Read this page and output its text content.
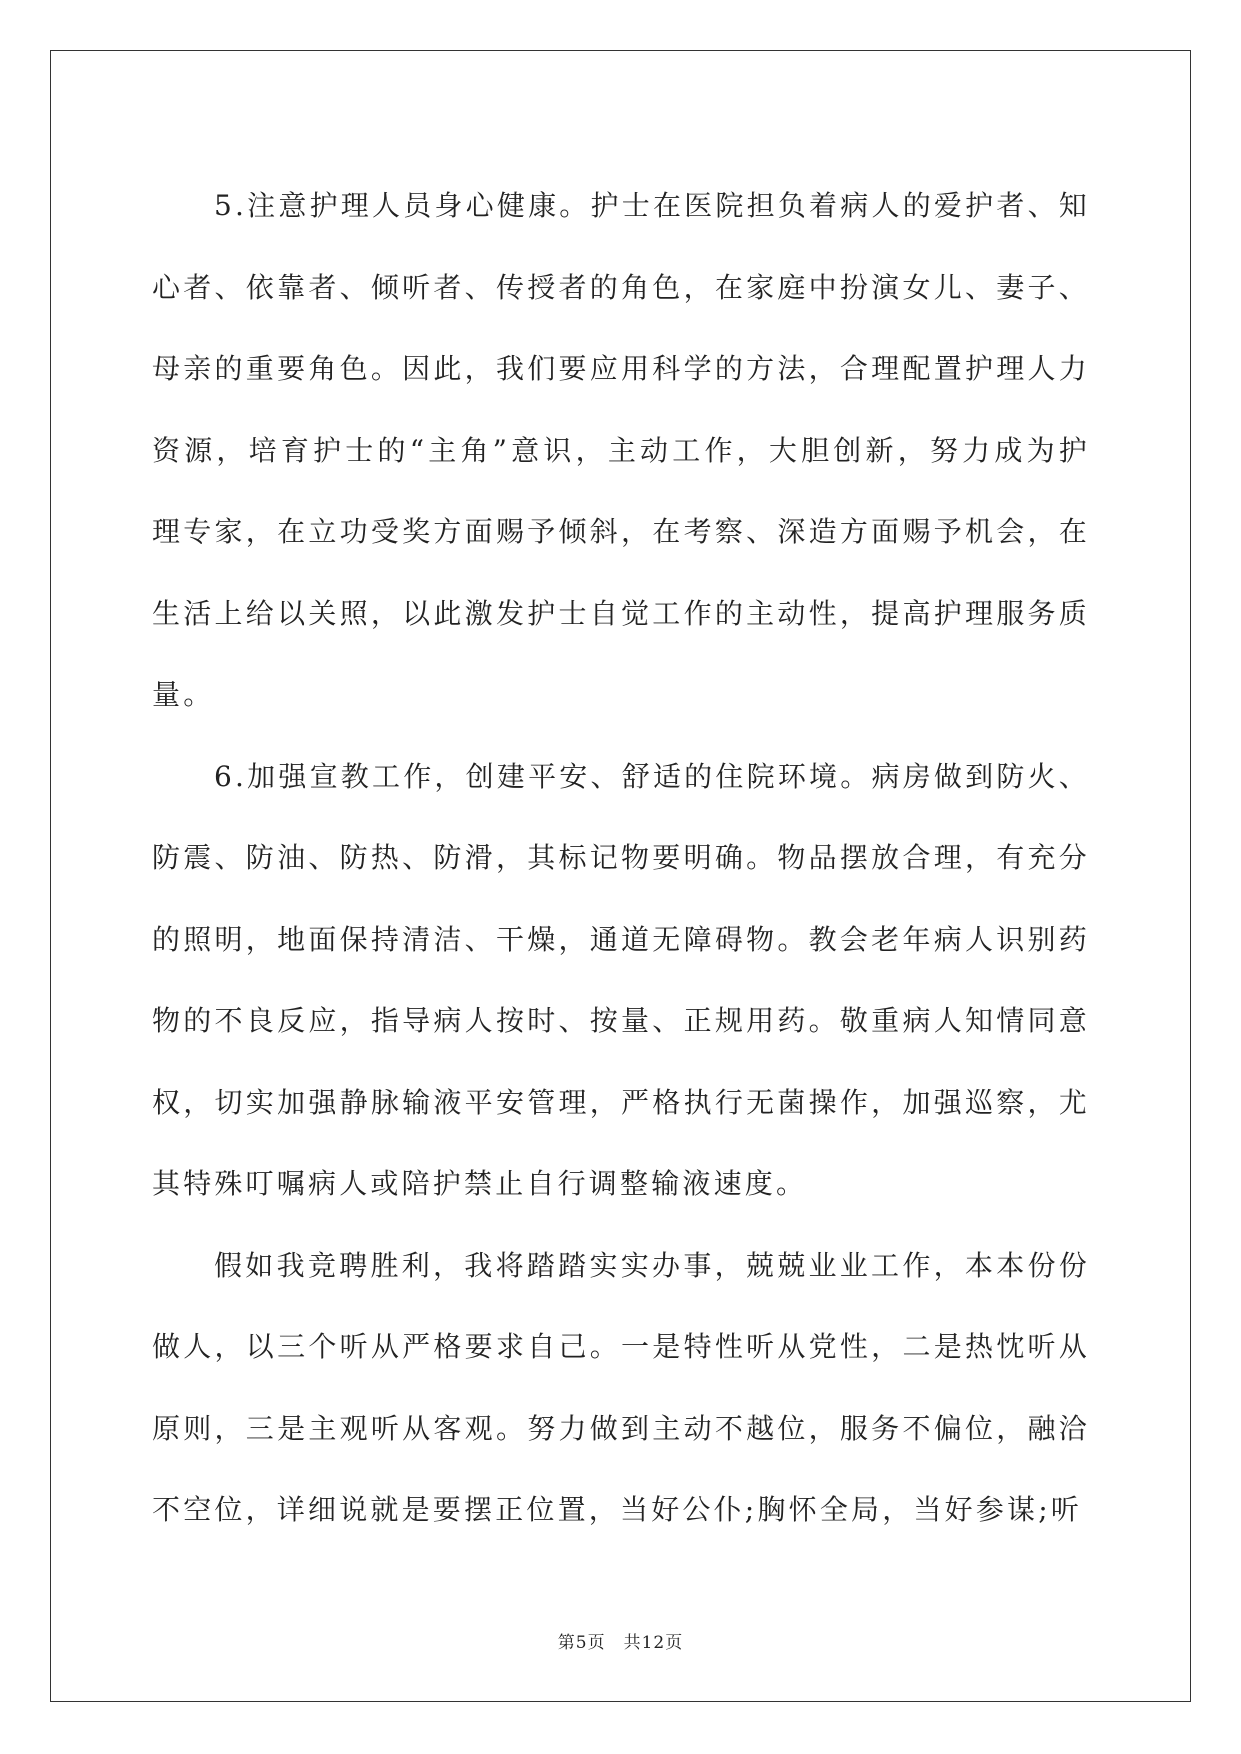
5.注意护理人员身心健康。护士在医院担负着病人的爱护者、知心者、依靠者、倾听者、传授者的角色，在家庭中扮演女儿、妻子、母亲的重要角色。因此，我们要应用科学的方法，合理配置护理人力资源，培育护士的“主角”意识，主动工作，大胆创新，努力成为护理专家，在立功受奖方面赐予倾斜，在考察、深造方面赐予机会，在生活上给以关照，以此激发护士自觉工作的主动性，提高护理服务质量。

6.加强宣教工作，创建平安、舒适的住院环境。病房做到防火、防震、防油、防热、防滑，其标记物要明确。物品摆放合理，有充分的照明，地面保持清洁、干燥，通道无障碍物。教会老年病人识别药物的不良反应，指导病人按时、按量、正规用药。敬重病人知情同意权，切实加强静脉输液平安管理，严格执行无菌操作，加强巡察，尤其特殊叮嘱病人或陪护禁止自行调整输液速度。

假如我竞聘胜利，我将踏踏实实办事，兢兢业业工作，本本份份做人，以三个听从严格要求自己。一是特性听从党性，二是热忱听从原则，三是主观听从客观。努力做到主动不越位，服务不偏位，融洽不空位，详细说就是要摆正位置，当好公仆;胸怀全局，当好参谋;听

第5页 共12页
